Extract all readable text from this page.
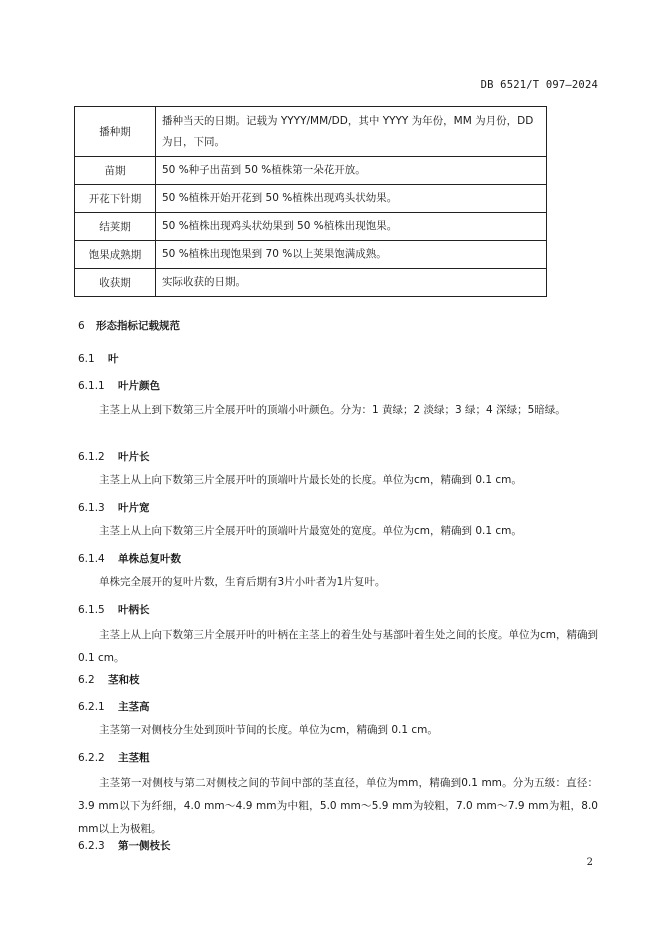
DB 6521/T 097—2024
播种期	播种当天的日期。记载为 YYYY/MM/DD，其中 YYYY 为年份，MM 为月份，DD 为日，下同。
苗期	50 %种子出苗到 50 %植株第一朵花开放。
开花下针期	50 %植株开始开花到 50 %植株出现鸡头状幼果。
结荚期	50 %植株出现鸡头状幼果到 50 %植株出现饱果。
饱果成熟期	50 %植株出现饱果到 70 %以上荚果饱满成熟。
收获期	实际收获的日期。
6 形态指标记载规范
6.1 叶
6.1.1 叶片颜色
主茎上从上到下数第三片全展开叶的顶端小叶颜色。分为：1 黄绿；2 淡绿；3 绿；4 深绿；5暗绿。
6.1.2 叶片长
主茎上从上向下数第三片全展开叶的顶端叶片最长处的长度。单位为cm，精确到 0.1 cm。
6.1.3 叶片宽
主茎上从上向下数第三片全展开叶的顶端叶片最宽处的宽度。单位为cm，精确到 0.1 cm。
6.1.4 单株总复叶数
单株完全展开的复叶片数，生育后期有3片小叶者为1片复叶。
6.1.5 叶柄长
主茎上从上向下数第三片全展开叶的叶柄在主茎上的着生处与基部叶着生处之间的长度。单位为cm，精确到 0.1 cm。
6.2 茎和枝
6.2.1 主茎高
主茎第一对侧枝分生处到顶叶节间的长度。单位为cm，精确到 0.1 cm。
6.2.2 主茎粗
主茎第一对侧枝与第二对侧枝之间的节间中部的茎直径，单位为mm，精确到0.1 mm。分为五级：直径：3.9 mm以下为纤细，4.0 mm～4.9 mm为中粗，5.0 mm～5.9 mm为较粗，7.0 mm～7.9 mm为粗，8.0 mm以上为极粗。
6.2.3 第一侧枝长
2
